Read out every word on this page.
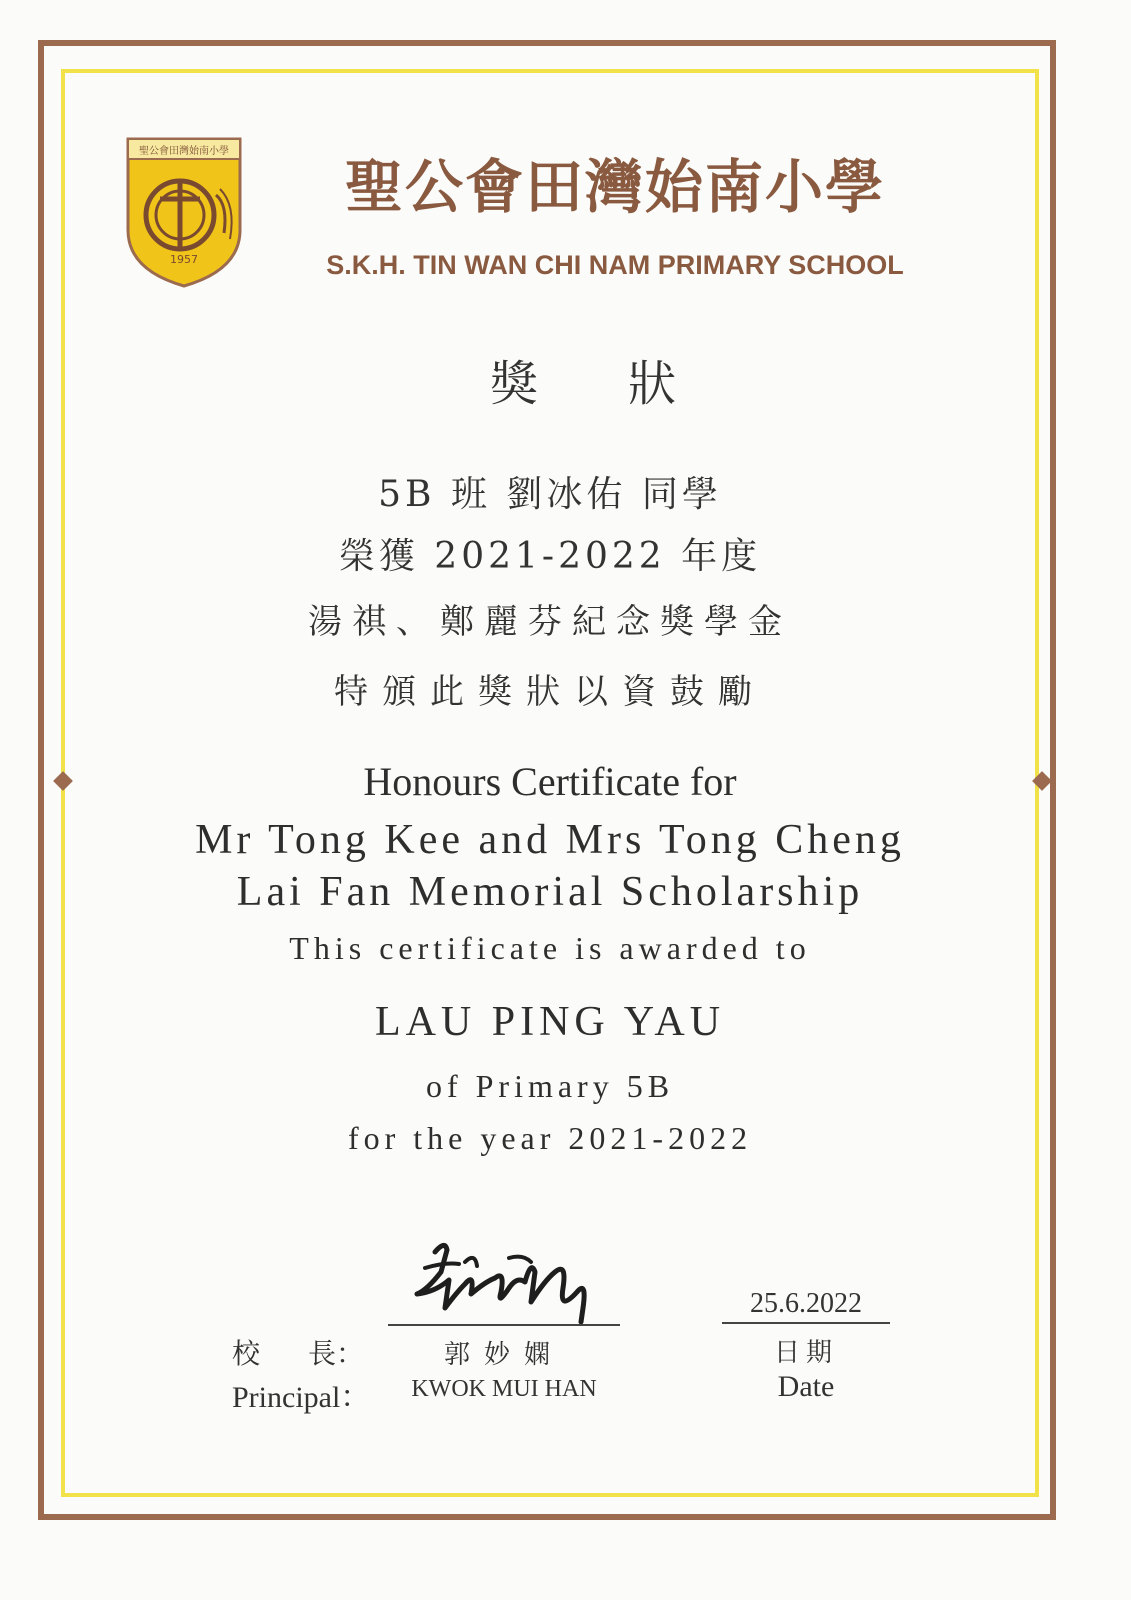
聖公會田灣始南小學
1957
聖公會田灣始南小學
S.K.H. TIN WAN CHI NAM PRIMARY SCHOOL
獎狀
5B 班 劉冰佑 同學
榮獲 2021-2022 年度
湯祺、鄭麗芬紀念獎學金
特頒此獎狀以資鼓勵
Honours Certificate for
Mr Tong Kee and Mrs Tong Cheng
Lai Fan Memorial Scholarship
This certificate is awarded to
LAU PING YAU
of Primary 5B
for the year 2021-2022
校 長：
Principal：
郭妙嫻
KWOK MUI HAN
25.6.2022
日期
Date
